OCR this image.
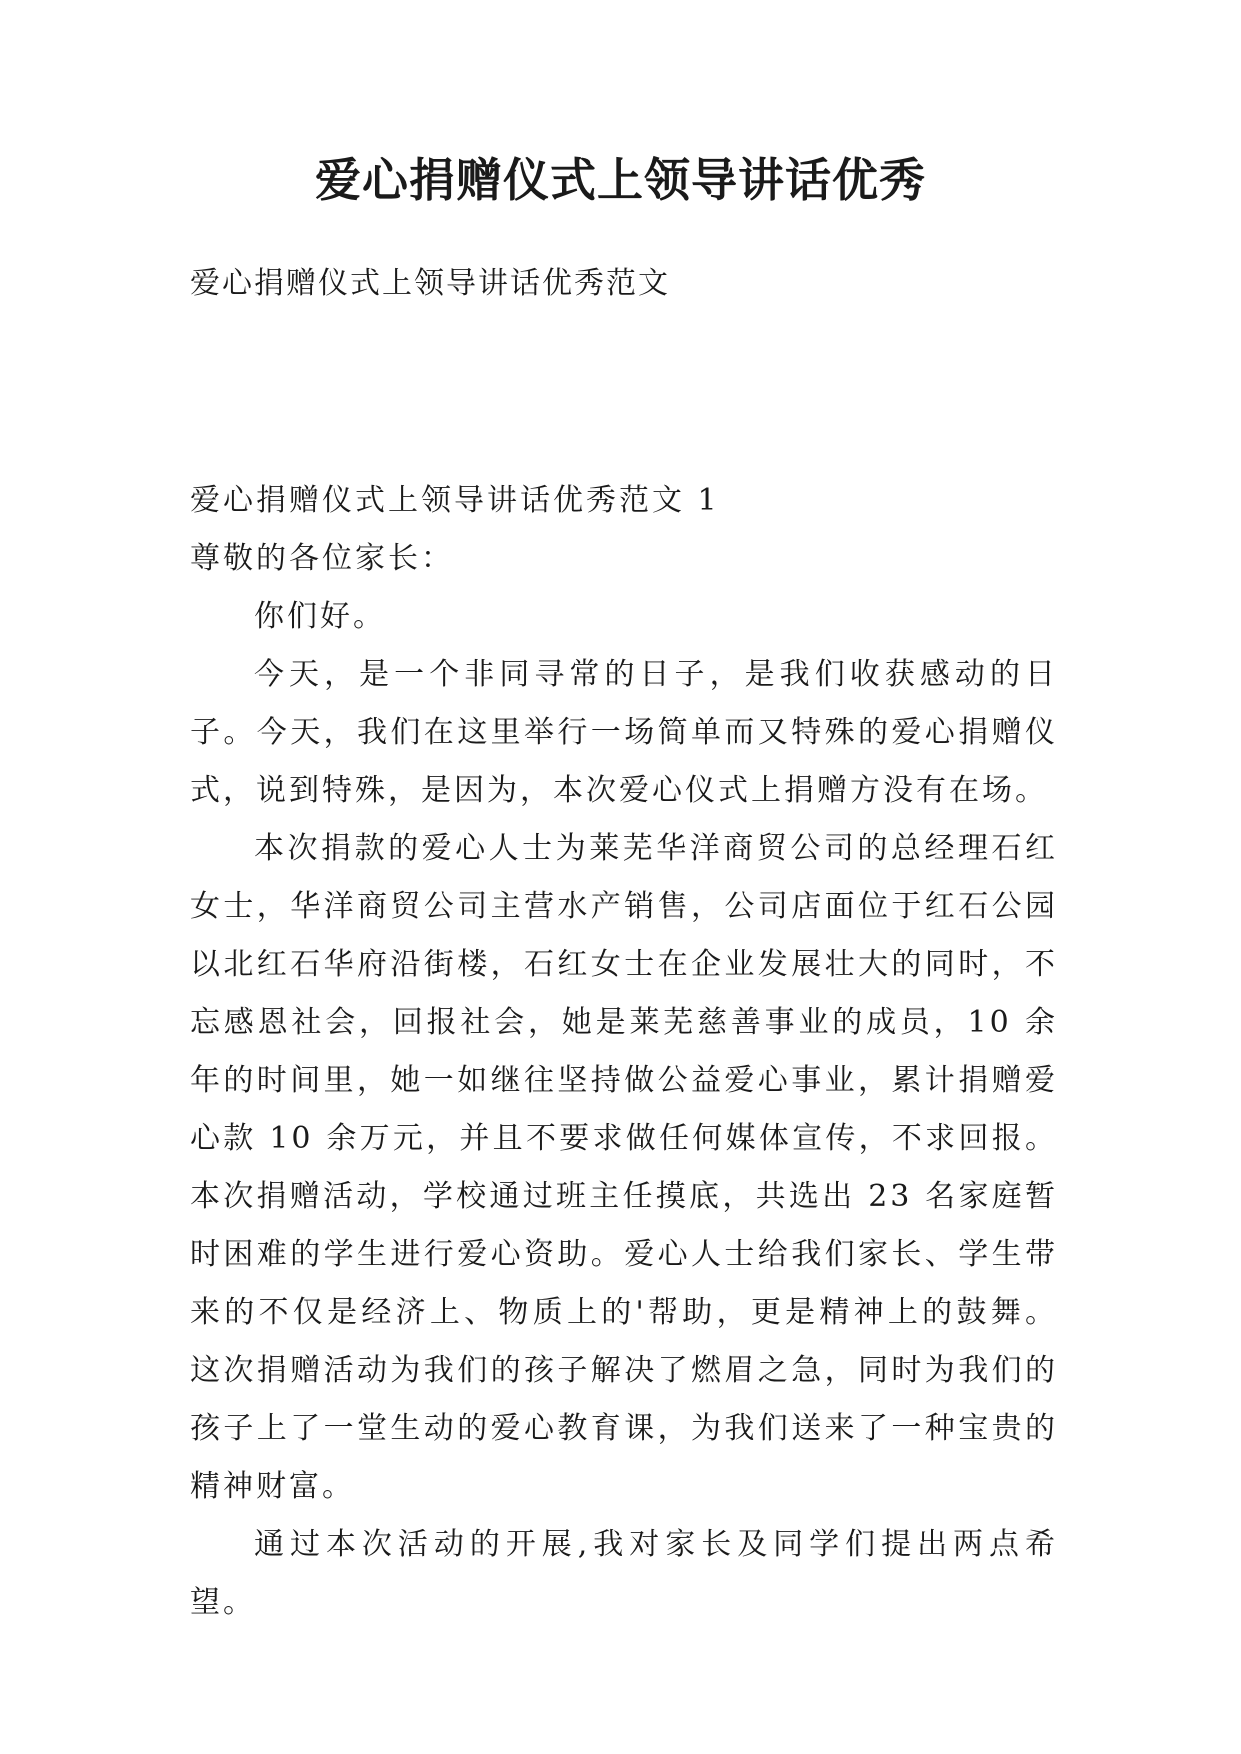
爱心捐赠仪式上领导讲话优秀
爱心捐赠仪式上领导讲话优秀范文

爱心捐赠仪式上领导讲话优秀范文 1

尊敬的各位家长：

你们好。

今天，是一个非同寻常的日子，是我们收获感动的日子。今天，我们在这里举行一场简单而又特殊的爱心捐赠仪式，说到特殊，是因为，本次爱心仪式上捐赠方没有在场。

本次捐款的爱心人士为莱芜华洋商贸公司的总经理石红女士，华洋商贸公司主营水产销售，公司店面位于红石公园以北红石华府沿街楼，石红女士在企业发展壮大的同时，不忘感恩社会，回报社会，她是莱芜慈善事业的成员，10 余年的时间里，她一如继往坚持做公益爱心事业，累计捐赠爱心款 10 余万元，并且不要求做任何媒体宣传，不求回报。本次捐赠活动，学校通过班主任摸底，共选出 23 名家庭暂时困难的学生进行爱心资助。爱心人士给我们家长、学生带来的不仅是经济上、物质上的'帮助，更是精神上的鼓舞。这次捐赠活动为我们的孩子解决了燃眉之急，同时为我们的孩子上了一堂生动的爱心教育课，为我们送来了一种宝贵的精神财富。

通过本次活动的开展,我对家长及同学们提出两点希望。
